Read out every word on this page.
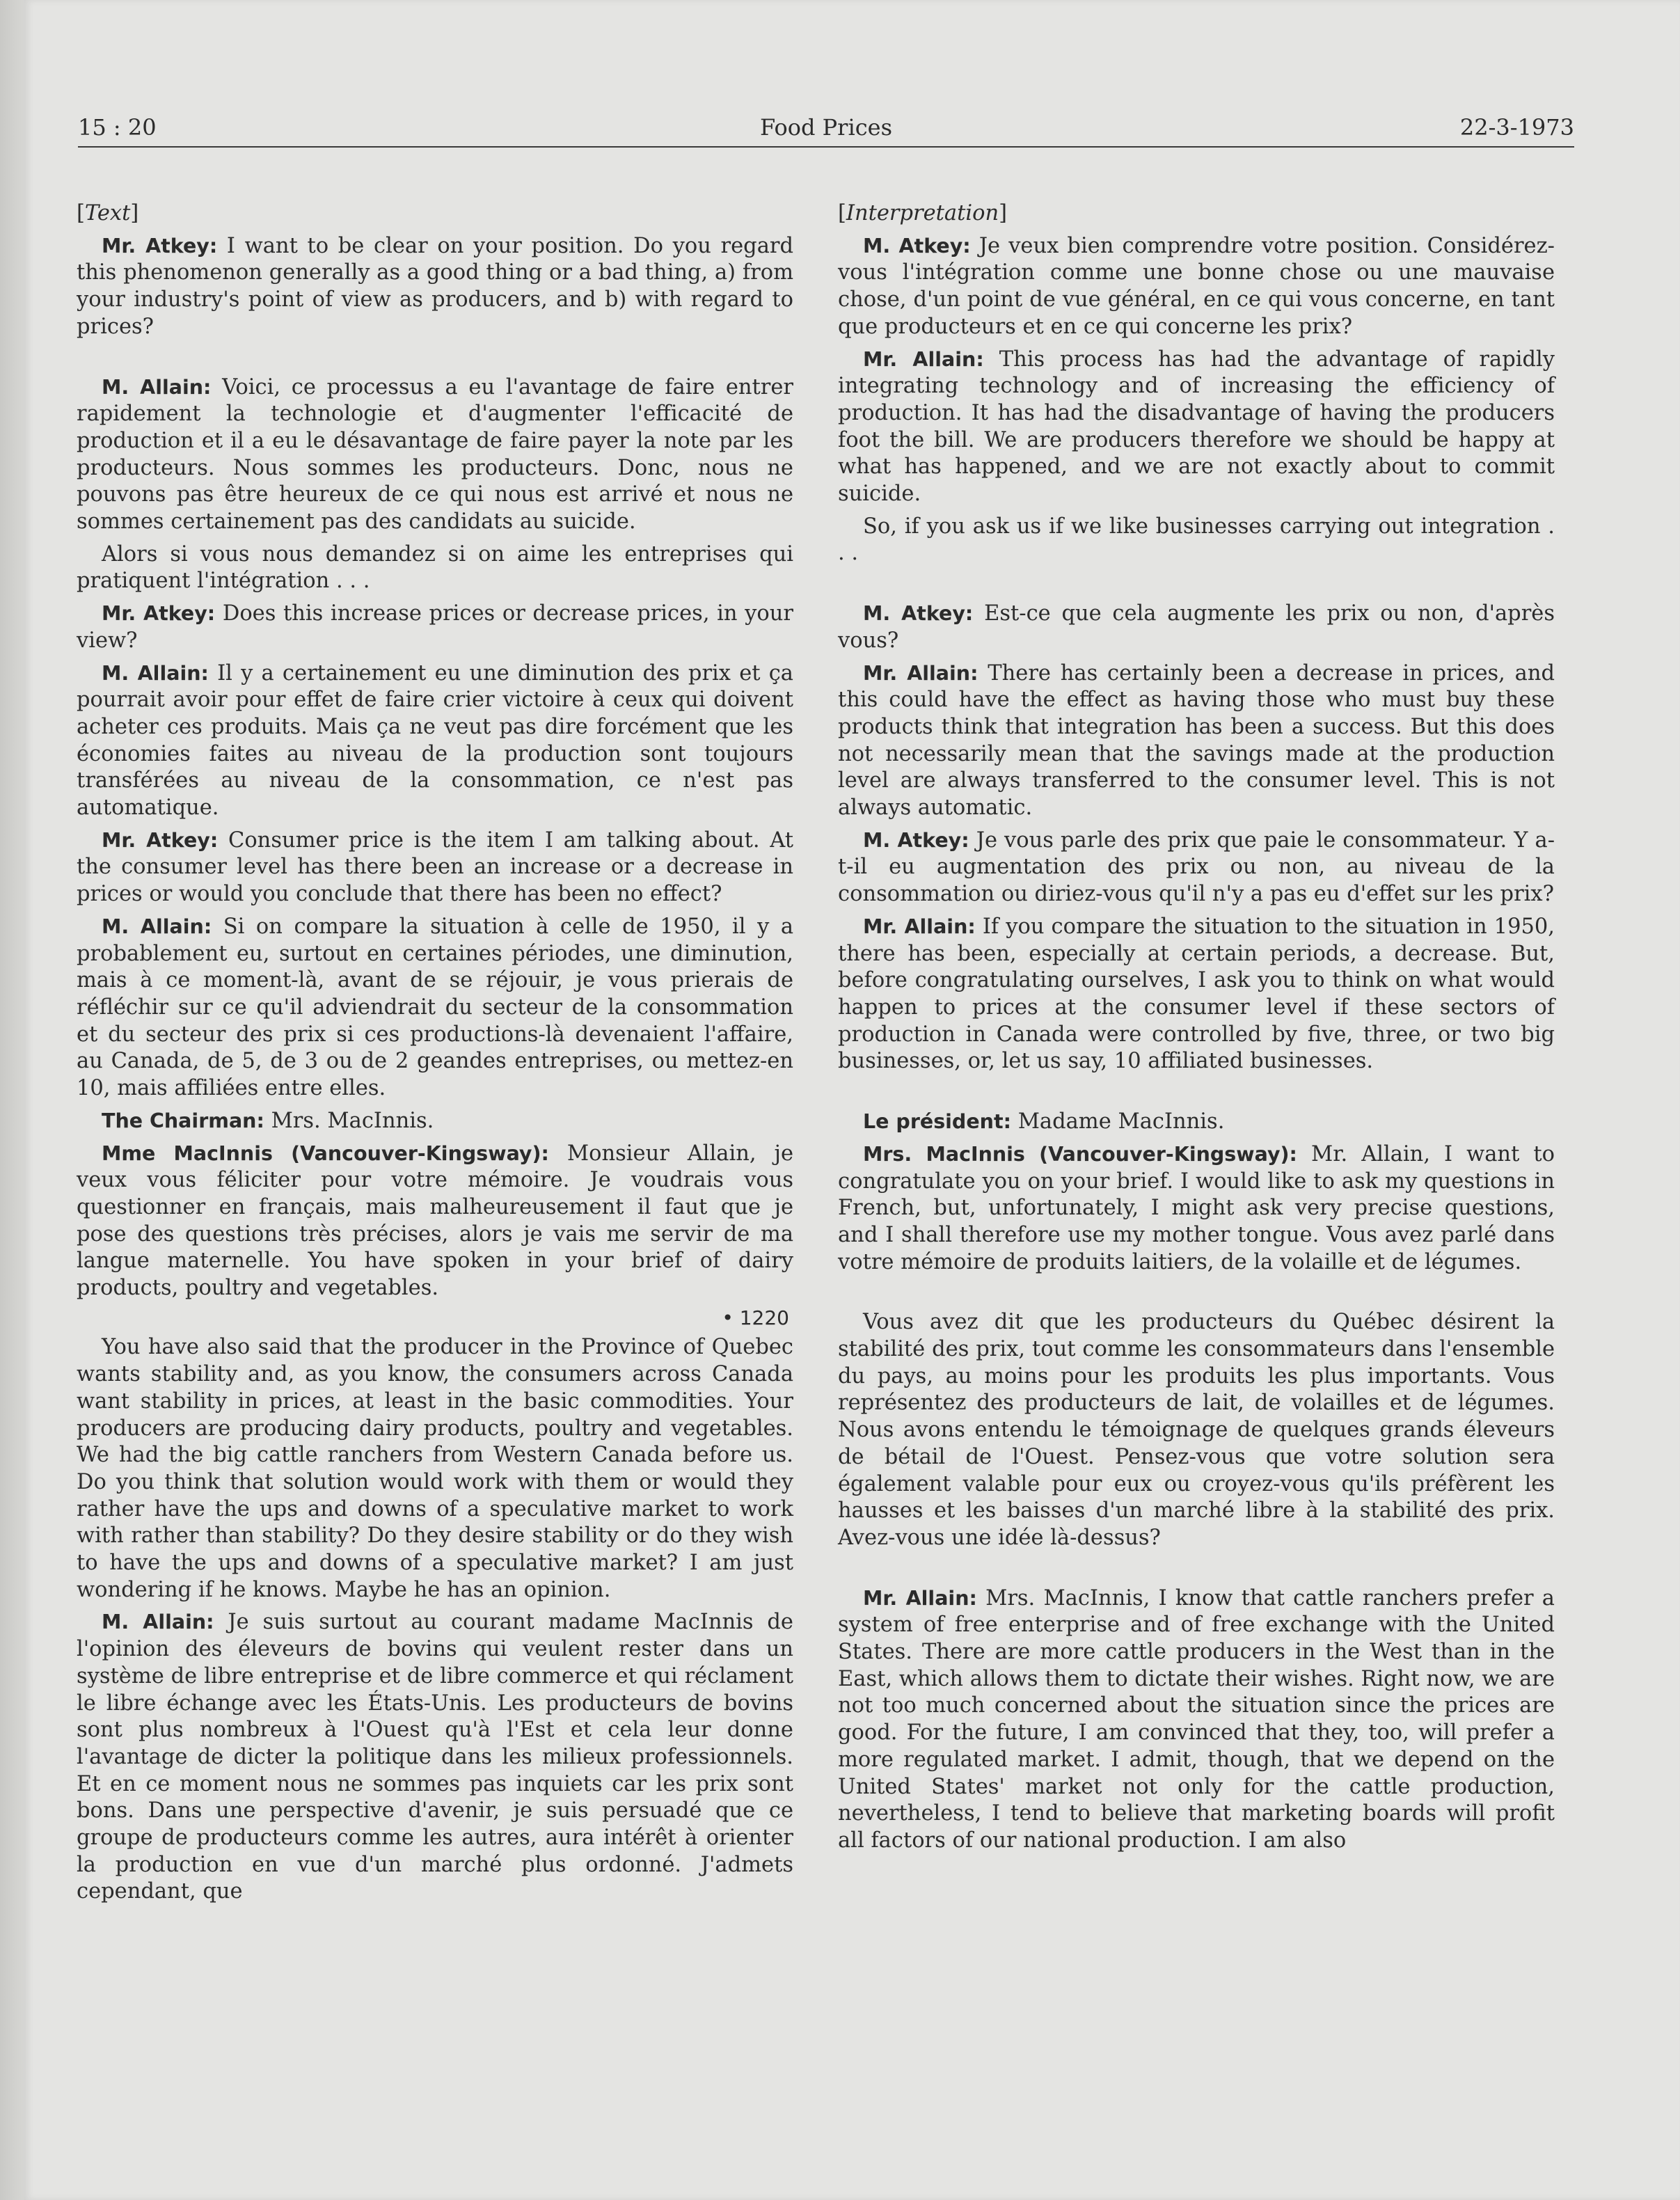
15 : 20	Food Prices	22-3-1973

[Text]

Mr. Atkey: I want to be clear on your position. Do you regard this phenomenon generally as a good thing or a bad thing, a) from your industry's point of view as producers, and b) with regard to prices?

M. Allain: Voici, ce processus a eu l'avantage de faire entrer rapidement la technologie et d'augmenter l'efficacité de production et il a eu le désavantage de faire payer la note par les producteurs. Nous sommes les producteurs. Donc, nous ne pouvons pas être heureux de ce qui nous est arrivé et nous ne sommes certainement pas des candidats au suicide.

Alors si vous nous demandez si on aime les entreprises qui pratiquent l'intégration . . .

Mr. Atkey: Does this increase prices or decrease prices, in your view?

M. Allain: Il y a certainement eu une diminution des prix et ça pourrait avoir pour effet de faire crier victoire à ceux qui doivent acheter ces produits. Mais ça ne veut pas dire forcément que les économies faites au niveau de la production sont toujours transférées au niveau de la consommation, ce n'est pas automatique.

Mr. Atkey: Consumer price is the item I am talking about. At the consumer level has there been an increase or a decrease in prices or would you conclude that there has been no effect?

M. Allain: Si on compare la situation à celle de 1950, il y a probablement eu, surtout en certaines périodes, une diminution, mais à ce moment-là, avant de se réjouir, je vous prierais de réfléchir sur ce qu'il adviendrait du secteur de la consommation et du secteur des prix si ces productions-là devenaient l'affaire, au Canada, de 5, de 3 ou de 2 geandes entreprises, ou mettez-en 10, mais affiliées entre elles.

The Chairman: Mrs. MacInnis.

Mme MacInnis (Vancouver-Kingsway): Monsieur Allain, je veux vous féliciter pour votre mémoire. Je voudrais vous questionner en français, mais malheureusement il faut que je pose des questions très précises, alors je vais me servir de ma langue maternelle. You have spoken in your brief of dairy products, poultry and vegetables.

• 1220

You have also said that the producer in the Province of Quebec wants stability and, as you know, the consumers across Canada want stability in prices, at least in the basic commodities. Your producers are producing dairy products, poultry and vegetables. We had the big cattle ranchers from Western Canada before us. Do you think that solution would work with them or would they rather have the ups and downs of a speculative market to work with rather than stability? Do they desire stability or do they wish to have the ups and downs of a speculative market? I am just wondering if he knows. Maybe he has an opinion.

M. Allain: Je suis surtout au courant madame MacInnis de l'opinion des éleveurs de bovins qui veulent rester dans un système de libre entreprise et de libre commerce et qui réclament le libre échange avec les États-Unis. Les producteurs de bovins sont plus nombreux à l'Ouest qu'à l'Est et cela leur donne l'avantage de dicter la politique dans les milieux professionnels. Et en ce moment nous ne sommes pas inquiets car les prix sont bons. Dans une perspective d'avenir, je suis persuadé que ce groupe de producteurs comme les autres, aura intérêt à orienter la production en vue d'un marché plus ordonné. J'admets cependant, que

[Interpretation]

M. Atkey: Je veux bien comprendre votre position. Considérez-vous l'intégration comme une bonne chose ou une mauvaise chose, d'un point de vue général, en ce qui vous concerne, en tant que producteurs et en ce qui concerne les prix?

Mr. Allain: This process has had the advantage of rapidly integrating technology and of increasing the efficiency of production. It has had the disadvantage of having the producers foot the bill. We are producers therefore we should be happy at what has happened, and we are not exactly about to commit suicide.

So, if you ask us if we like businesses carrying out integration . . .

M. Atkey: Est-ce que cela augmente les prix ou non, d'après vous?

Mr. Allain: There has certainly been a decrease in prices, and this could have the effect as having those who must buy these products think that integration has been a success. But this does not necessarily mean that the savings made at the production level are always transferred to the consumer level. This is not always automatic.

M. Atkey: Je vous parle des prix que paie le consommateur. Y a-t-il eu augmentation des prix ou non, au niveau de la consommation ou diriez-vous qu'il n'y a pas eu d'effet sur les prix?

Mr. Allain: If you compare the situation to the situation in 1950, there has been, especially at certain periods, a decrease. But, before congratulating ourselves, I ask you to think on what would happen to prices at the consumer level if these sectors of production in Canada were controlled by five, three, or two big businesses, or, let us say, 10 affiliated businesses.

Le président: Madame MacInnis.

Mrs. MacInnis (Vancouver-Kingsway): Mr. Allain, I want to congratulate you on your brief. I would like to ask my questions in French, but, unfortunately, I might ask very precise questions, and I shall therefore use my mother tongue. Vous avez parlé dans votre mémoire de produits laitiers, de la volaille et de légumes.

Vous avez dit que les producteurs du Québec désirent la stabilité des prix, tout comme les consommateurs dans l'ensemble du pays, au moins pour les produits les plus importants. Vous représentez des producteurs de lait, de volailles et de légumes. Nous avons entendu le témoignage de quelques grands éleveurs de bétail de l'Ouest. Pensez-vous que votre solution sera également valable pour eux ou croyez-vous qu'ils préfèrent les hausses et les baisses d'un marché libre à la stabilité des prix. Avez-vous une idée là-dessus?

Mr. Allain: Mrs. MacInnis, I know that cattle ranchers prefer a system of free enterprise and of free exchange with the United States. There are more cattle producers in the West than in the East, which allows them to dictate their wishes. Right now, we are not too much concerned about the situation since the prices are good. For the future, I am convinced that they, too, will prefer a more regulated market. I admit, though, that we depend on the United States' market not only for the cattle production, nevertheless, I tend to believe that marketing boards will profit all factors of our national production. I am also
